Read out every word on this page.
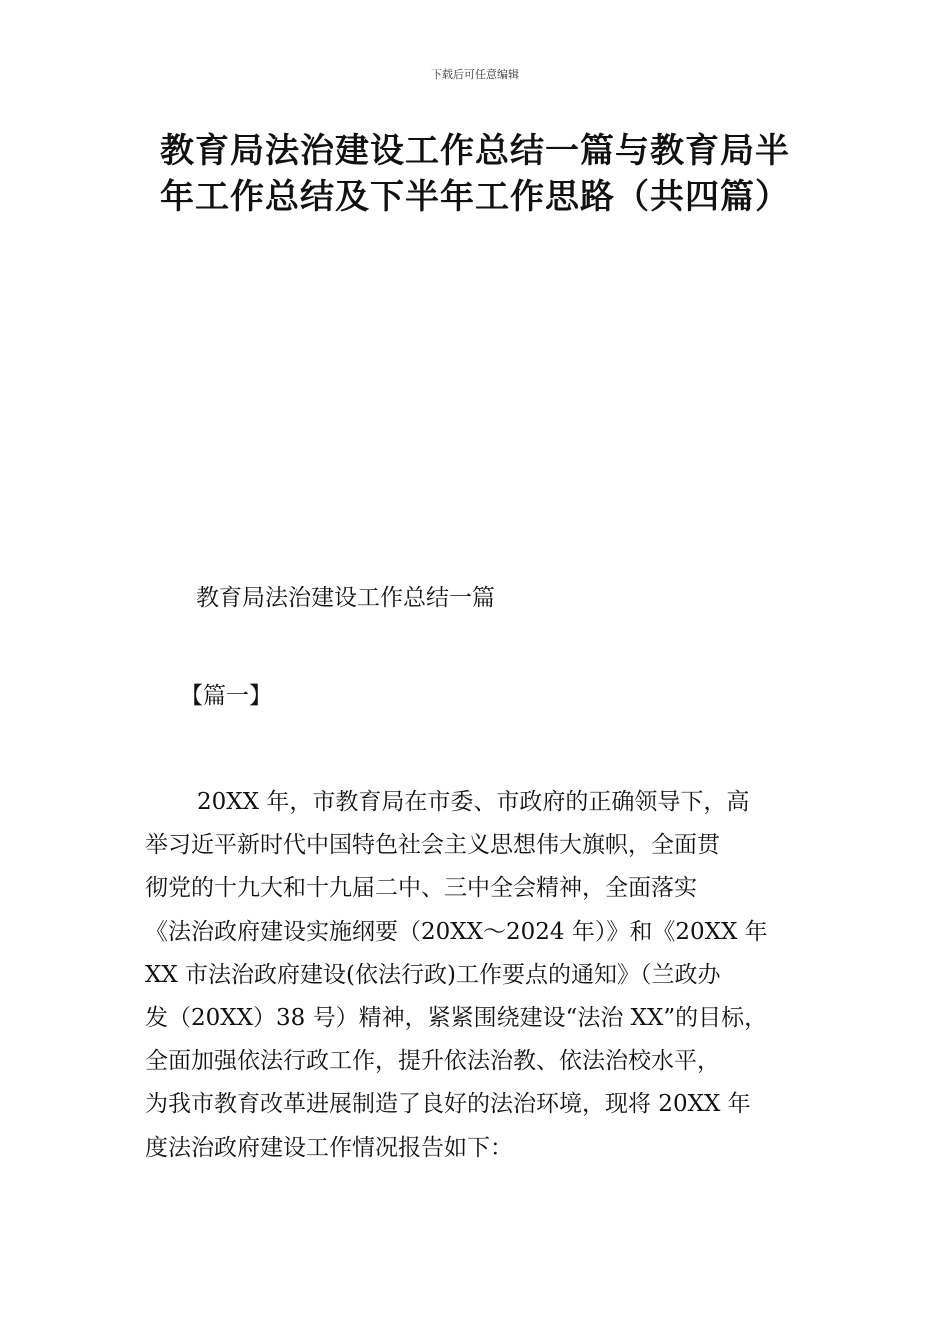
下载后可任意编辑
教育局法治建设工作总结一篇与教育局半
年工作总结及下半年工作思路（共四篇）
教育局法治建设工作总结一篇
【篇一】
20XX 年，市教育局在市委、市政府的正确领导下，高
举习近平新时代中国特色社会主义思想伟大旗帜，全面贯
彻党的十九大和十九届二中、三中全会精神，全面落实
《法治政府建设实施纲要（20XX～2024 年）》和《20XX 年
XX 市法治政府建设(依法行政)工作要点的通知》（兰政办
发（20XX）38 号）精神，紧紧围绕建设“法治 XX”的目标，
全面加强依法行政工作，提升依法治教、依法治校水平，
为我市教育改革进展制造了良好的法治环境，现将 20XX 年
度法治政府建设工作情况报告如下：
